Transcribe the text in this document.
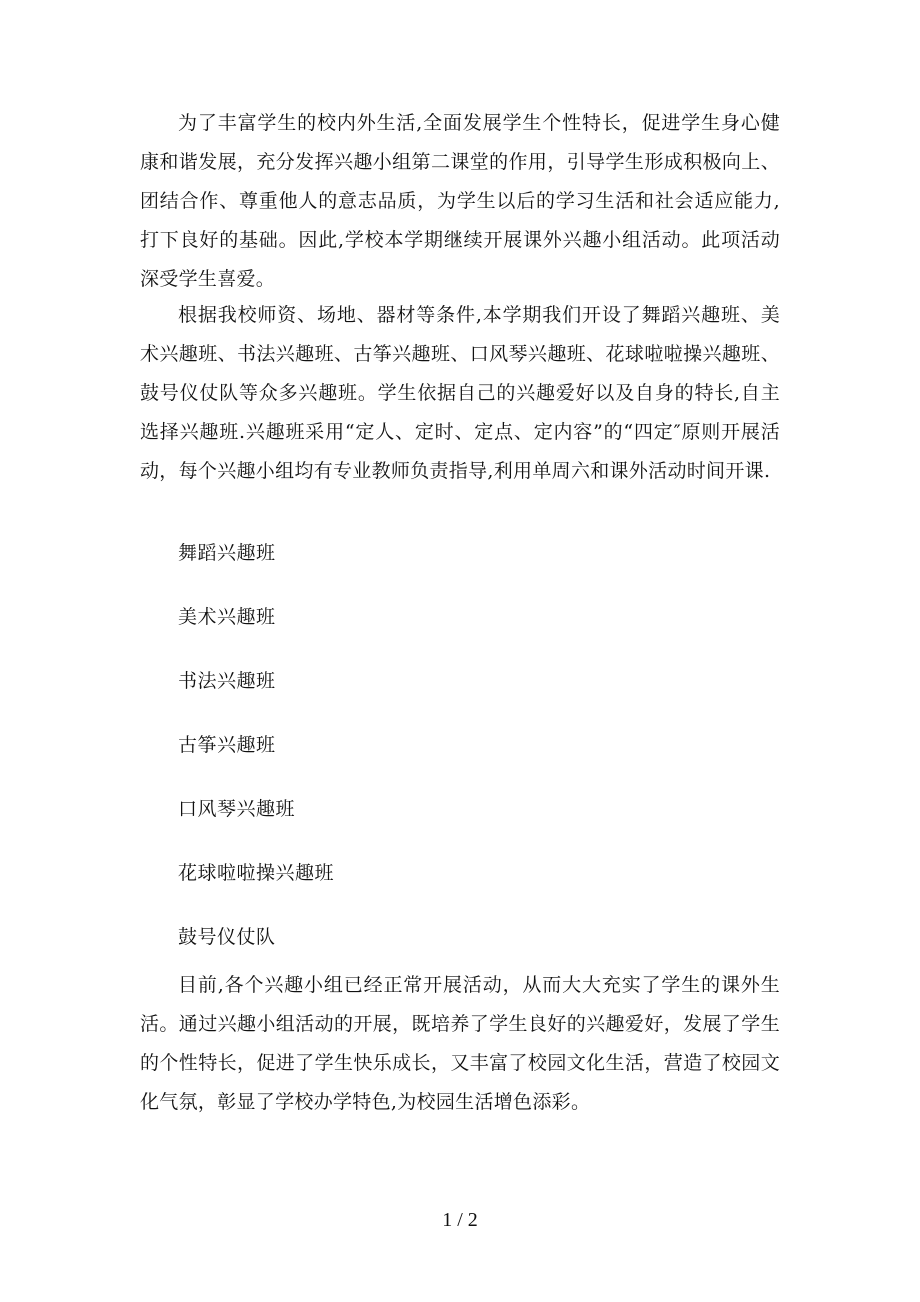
为了丰富学生的校内外生活,全面发展学生个性特长，促进学生身心健康和谐发展，充分发挥兴趣小组第二课堂的作用，引导学生形成积极向上、团结合作、尊重他人的意志品质，为学生以后的学习生活和社会适应能力,打下良好的基础。因此,学校本学期继续开展课外兴趣小组活动。此项活动深受学生喜爱。

根据我校师资、场地、器材等条件,本学期我们开设了舞蹈兴趣班、美术兴趣班、书法兴趣班、古筝兴趣班、口风琴兴趣班、花球啦啦操兴趣班、鼓号仪仗队等众多兴趣班。学生依据自己的兴趣爱好以及自身的特长,自主选择兴趣班.兴趣班采用“定人、定时、定点、定内容”的“四定″原则开展活动，每个兴趣小组均有专业教师负责指导,利用单周六和课外活动时间开课.

舞蹈兴趣班

美术兴趣班

书法兴趣班

古筝兴趣班

口风琴兴趣班

花球啦啦操兴趣班

鼓号仪仗队

目前,各个兴趣小组已经正常开展活动，从而大大充实了学生的课外生活。通过兴趣小组活动的开展，既培养了学生良好的兴趣爱好，发展了学生的个性特长，促进了学生快乐成长，又丰富了校园文化生活，营造了校园文化气氛，彰显了学校办学特色,为校园生活增色添彩。

1 / 2
